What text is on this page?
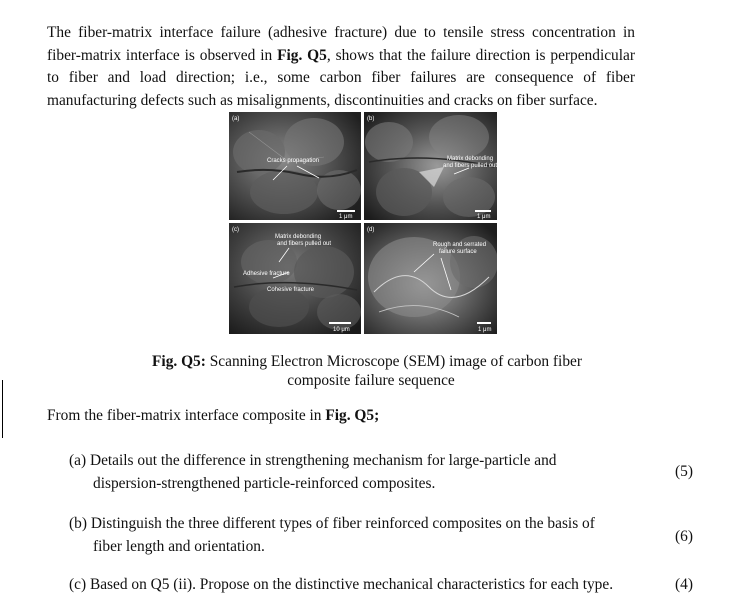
The fiber-matrix interface failure (adhesive fracture) due to tensile stress concentration in fiber-matrix interface is observed in Fig. Q5, shows that the failure direction is perpendicular to fiber and load direction; i.e., some carbon fiber failures are consequence of fiber manufacturing defects such as misalignments, discontinuities and cracks on fiber surface.
(a)
Cracks propagation
1 μm
(b)
Matrix debonding
and fibers pulled out
1 μm
(c)
Matrix debonding
and fibers pulled out
Adhesive fracture
Cohesive fracture
10 μm
(d)
Rough and serrated
failure surface
1 μm
Fig. Q5: Scanning Electron Microscope (SEM) image of carbon fiber
composite failure sequence
From the fiber-matrix interface composite in Fig. Q5;
(a) Details out the difference in strengthening mechanism for large-particle and
dispersion-strengthened particle-reinforced composites.
(5)
(b) Distinguish the three different types of fiber reinforced composites on the basis of
fiber length and orientation.
(6)
(c) Based on Q5 (ii). Propose on the distinctive mechanical characteristics for each type.	(4)
